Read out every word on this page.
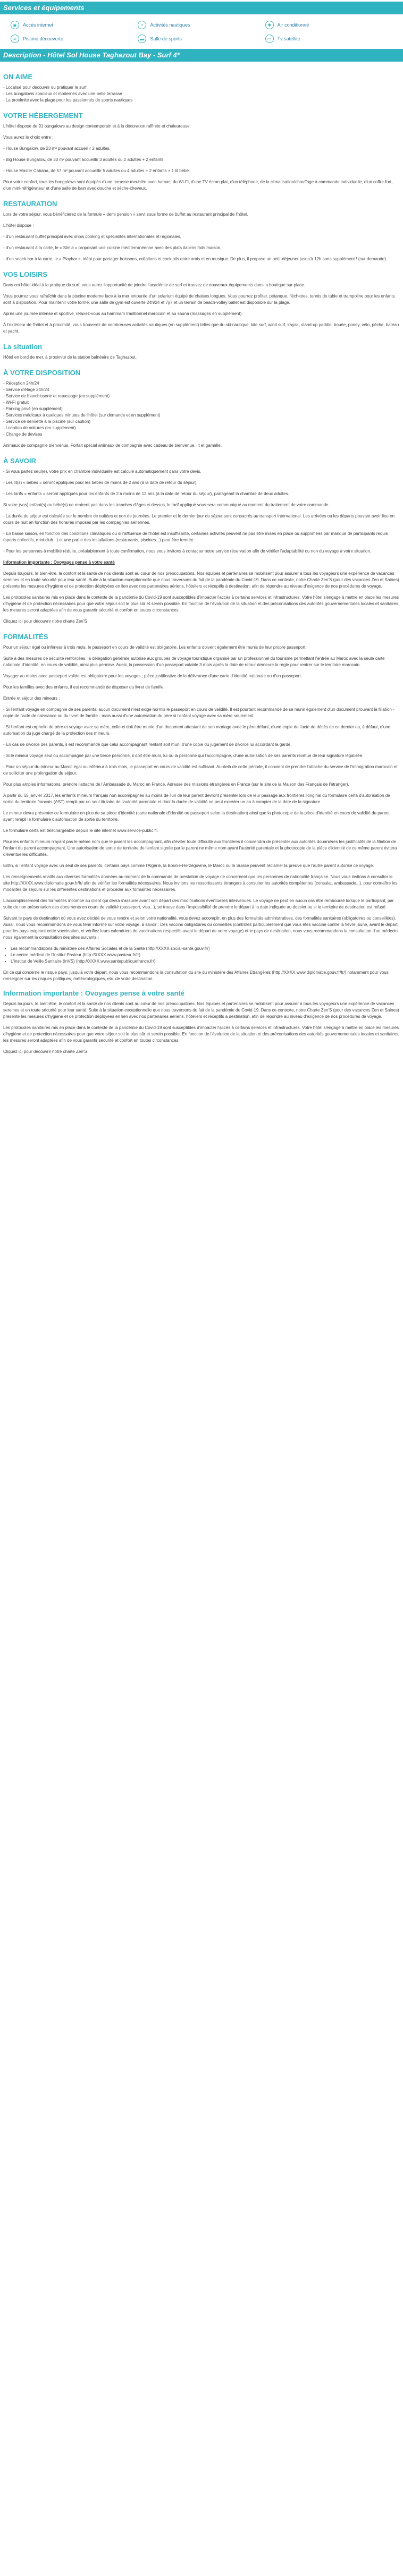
Services et équipements
◉	Accès internet	≈	Activités nautiques	✱	Air conditionné
≋	Piscine découverte	▬	Salle de sports	▭	Tv satellite
Description - Hôtel Sol House Taghazout Bay - Surf 4*
ON AIME

- Localisé pour découvrir ou pratiquer le surf

- Les bungalows spacieux et modernes avec une belle terrasse

- La proximité avec la plage pour les passionnés de sports nautiques

VOTRE HÉBERGEMENT

L'hôtel dispose de 91 bungalows au design contemporain et à la décoration raffinée et chaleureuse.

Vous aurez le choix entre :

- House Bungalow, de 23 m² pouvant accueillir 2 adultes,

- Big House Bungalow, de 30 m² pouvant accueillir 3 adultes ou 2 adultes + 2 enfants.

- House Master Cabana, de 57 m² pouvant accueillir 5 adultes ou 4 adultes + 2 enfants + 1 lit bébé.

Pour votre confort, tous les bungalows sont équipés d'une terrasse meublée avec hamac, du Wi-Fi, d'une TV écran plat, d'un téléphone, de la climatisation/chauffage à commande individuelle, d'un coffre-fort, d'un mini-réfrigérateur et d'une salle de bain avec douche et sèche-cheveux.

RESTAURATION

Lors de votre séjour, vous bénéficierez de la formule « demi pension » servi sous forme de buffet au restaurant principal de l'hôtel.

L'hôtel dispose :

- d'un restaurant buffet principal avec show cooking et spécialités internationales et régionales,

- d'un restaurant à la carte, le « Stella » proposant une cuisine méditerranéenne avec des plats italiens faits maison,

- d'un snack-bar à la carte, le « Playbar », idéal pour partager boissons, collations et cocktails entre amis et en musique. De plus, il propose un petit-déjeuner jusqu'à 12h sans supplément ! (sur demande).

VOS LOISIRS

Dans cet hôtel idéal à la pratique du surf, vous aurez l'opportunité de joindre l'académie de surf et trouvez de nouveaux équipements dans la boutique sur place.

Vous pourrez vous rafraîchir dans la piscine moderne face à la mer entourée d'un solarium équipé de chaises longues. Vous pourrez profiter, pétanque, fléchettes, tennis de table et trampoline pour les enfants sont à disposition. Pour maintenir votre forme, une salle de gym est ouverte 24h/24 et 7j/7 et un terrain de beach-volley ballet est disponible sur la plage.

Après une journée intense et sportive, relaxez-vous au hammam traditionnel marocain et au sauna (massages en supplément).

À l'extérieur de l'hôtel et à proximité, vous trouverez de nombreuses activités nautiques (en supplément) telles que du ski-nautique, kite surf, wind surf, kayak, stand-up paddle, bouée, poney, vélo, pêche, bateau et yacht.

La situation

Hôtel en bord de mer, à proximité de la station balnéaire de Taghazout.

À VOTRE DISPOSITION

- Réception 24h/24

- Service d'étage 24h/24

- Service de blanchisserie et repassage (en supplément)

- Wi-Fi gratuit

- Parking privé (en supplément)

- Services médicaux à quelques minutes de l'hôtel (sur demande et en supplément)

- Service de serviette à la piscine (sur caution)

- Location de voitures (en supplément)

- Change de devises

Animaux de compagnie bienvenus. Forfait spécial animaux de compagnie avec cadeau de bienvenue, lit et gamelle.

À SAVOIR

- Si vous partez seul(e), votre prix en chambre individuelle est calculé automatiquement dans votre devis.

- Les lit(s) « bébés » seront appliqués pour les bébés de moins de 2 ans (à la date de retour du séjour).

- Les tarifs « enfants » seront appliqués pour les enfants de 2 à moins de 12 ans (à la date de retour du séjour), partageant la chambre de deux adultes.

Si votre (vos) enfant(s) ou bébé(s) ne rentrent pas dans les tranches d'âges ci-dessus, le tarif appliqué vous sera communiqué au moment du traitement de votre commande.

- La durée du séjour est calculée sur le nombre de nuitées et non de journées. Le premier et le dernier jour du séjour sont consacrés au transport international. Les arrivées ou les départs pouvant avoir lieu en cours de nuit en fonction des horaires imposés par les compagnies aériennes.

- En basse saison, en fonction des conditions climatiques ou si l'affluence de l'hôtel est insuffisante, certaines activités peuvent ne pas être mises en place ou supprimées par manque de participants requis (sports collectifs, mini-club...) et une partie des installations (restaurants, piscines...) peut être fermée.

- Pour les personnes à mobilité réduite, préalablement à toute confirmation, nous vous invitons à contacter notre service réservation afin de vérifier l'adaptabilité ou non du voyage à votre situation.

Information importante : Ovoyages pense à votre santé

Depuis toujours, le bien-être, le confort et la santé de nos clients sont au cœur de nos préoccupations. Nos équipes et partenaires se mobilisent pour assurer à tous les voyageurs une expérience de vacances sereines et en toute sécurité pour leur santé. Suite à la situation exceptionnelle que nous traversons du fait de la pandémie du Covid-19. Dans ce contexte, notre Charte Zen'S (pour des vacances Zen et Saines) présente les mesures d'hygiène et de protection déployées en lien avec nos partenaires aériens, hôteliers et réceptifs à destination, afin de répondre au niveau d'exigence de nos procédures de voyage.

Les protocoles sanitaires mis en place dans le contexte de la pandémie du Covid-19 sont susceptibles d'impacter l'accès à certains services et infrastructures. Votre hôtel s'engage à mettre en place les mesures d'hygiène et de protection nécessaires pour que votre séjour soit le plus sûr et serein possible. En fonction de l'évolution de la situation et des préconisations des autorités gouvernementales locales et sanitaires, les mesures seront adaptées afin de vous garantir sécurité et confort en toutes circonstances.

Cliquez ici pour découvrir notre charte Zen'S

FORMALITÉS

Pour un séjour égal ou inférieur à trois mois, le passeport en cours de validité est obligatoire. Les enfants doivent également être munis de leur propre passeport.

Suite à des mesures de sécurité renforcées, la délégation générale autorise aux groupes de voyage touristique organisé par un professionnel du tourisme permettant l'entrée au Maroc avec la seule carte nationale d'identité, en cours de validité, ainsi plus permise. Aussi, la possession d'un passeport valable 3 mois après la date de retour demeure la règle pour rentrer sur le territoire marocain.

Voyager au moins avec passeport valide est obligatoire pour les voyages ; pièce justificative de la délivrance d'une carte d'identité nationale ou d'un passeport.

Pour les familles avec des enfants, il est recommandé de disposer du livret de famille.

Entrée et séjour des mineurs :

- Si l'enfant voyage en compagnie de ses parents, aucun document n'est exigé hormis le passeport en cours de validité. Il est pourtant recommandé de se munir également d'un document prouvant la filiation - copie de l'acte de naissance ou du livret de famille - mais aussi d'une autorisation du père si l'enfant voyage avec sa mère seulement.

- Si l'enfant est orphelin de père et voyage avec sa mère, celle-ci doit être munie d'un document attestant de son mariage avec le père défunt, d'une copie de l'acte de décès de ce dernier ou, à défaut, d'une autorisation du juge chargé de la protection des mineurs.

- En cas de divorce des parents, il est recommandé que celui accompagnant l'enfant soit muni d'une copie du jugement de divorce lui accordant la garde.

- Si le mineur voyage seul ou accompagné par une tierce personne, il doit être muni, lui ou la personne qui l'accompagne, d'une autorisation de ses parents revêtue de leur signature légalisée.

- Pour un séjour du mineur au Maroc égal ou inférieur à trois mois, le passeport en cours de validité est suffisant. Au-delà de cette période, il convient de prendre l'attache du service de l'immigration marocain et de solliciter une prolongation du séjour.

Pour plus amples informations, prendre l'attache de l'Ambassade du Maroc en France. Adresse des missions étrangères en France (sur le site de la Maison des Français de l'étranger).

A partir du 15 janvier 2017, les enfants mineurs français non accompagnés au moins de l'un de leur parent devront présenter lors de leur passage aux frontières l'original du formulaire cerfa d'autorisation de sortie du territoire français (AST) rempli par un seul titulaire de l'autorité parentale et dont la durée de validité ne peut excéder un an à compter de la date de la signature.

Le mineur devra présenter ce formulaire en plus de sa pièce d'identité (carte nationale d'identité ou passeport selon la destination) ainsi que la photocopie de la pièce d'identité en cours de validité du parent ayant rempli le formulaire d'autorisation de sortie du territoire.

Le formulaire cerfa est téléchargeable depuis le site internet www.service-public.fr.

Pour les enfants mineurs n'ayant pas le même nom que le parent les accompagnant, afin d'éviter toute difficulté aux frontières il conviendra de présenter aux autorités douanières les justificatifs de la filiation de l'enfant du parent accompagnant. Une autorisation de sortie de territoire de l'enfant signée par le parent ne même nom ayant l'autorité parentale et la photocopie de la pièce d'identité de ce même parent évitera d'éventuelles difficultés.

Enfin, si l'enfant voyage avec un seul de ses parents, certains pays comme l'Algérie, la Bosnie-Herzégovine, le Maroc ou la Suisse peuvent réclamer la preuve que l'autre parent autorise ce voyage.

Les renseignements relatifs aux diverses formalités données au moment de la commande de prestation de voyage ne concernent que les personnes de nationalité française. Nous vous invitons à consulter le site http://XXXX.www.diplomatie.gouv.fr/fr/ afin de vérifier les formalités nécessaires. Nous invitons les ressortissants étrangers à consulter les autorités compétentes (consulat, ambassade...), pour connaître les modalités de séjours sur les différentes destinations et procéder aux formalités nécessaires.

L'accomplissement des formalités incombe au client qui devra s'assurer avant son départ des modifications éventuelles intervenues. Le voyage ne peut en aucun cas être remboursé lorsque le participant, par suite de non présentation des documents en cours de validité (passeport, visa...), se trouve dans l'impossibilité de prendre le départ à la date indiquée au dossier ou si le territoire de destination est refusé.

Suivant le pays de destination où vous avez décidé de vous rendre et selon votre nationalité, vous devez accomplir, en plus des formalités administratives, des formalités sanitaires (obligatoires ou conseillées). Aussi, nous vous recommandons de vous tenir informé sur votre voyage, à savoir : Des vaccins obligatoires ou conseillés (contrôlez particulièrement que vous êtes vacciné contre la fièvre jaune, avant le départ, pour les pays exigeant cette vaccination, et vérifiez leurs calendriers de vaccinations respectifs avant le départ de votre voyage) et le pays de destination, nous vous recommandons la consultation d'un médecin nous également la consultation des sites suivants :

• Les recommandations du ministère des Affaires Sociales et de la Santé (http://XXXX.social-sante.gouv.fr/)
• Le centre médical de l'Institut Pasteur (http://XXXX.www.pasteur.fr/fr)
• L'Institut de Veille Sanitaire (InVS) (http://XXXX.www.santepubliquefrance.fr/)

En ce qui concerne le risque pays, jusqu'à votre départ, nous vous recommandons la consultation du site du ministère des Affaires Etrangères (http://XXXX.www.diplomatie.gouv.fr/fr/) notamment pour vous renseigner sur les risques politiques, météorologiques, etc. de votre destination.

Information importante : Ovoyages pense à votre santé

Depuis toujours, le bien-être, le confort et la santé de nos clients sont au cœur de nos préoccupations. Nos équipes et partenaires se mobilisent pour assurer à tous les voyageurs une expérience de vacances sereines et en toute sécurité pour leur santé. Suite à la situation exceptionnelle que nous traversons du fait de la pandémie du Covid-19. Dans ce contexte, notre Charte Zen'S (pour des vacances Zen et Saines) présente les mesures d'hygiène et de protection déployées en lien avec nos partenaires aériens, hôteliers et réceptifs à destination, afin de répondre au niveau d'exigence de nos procédures de voyage.

Les protocoles sanitaires mis en place dans le contexte de la pandémie du Covid-19 sont susceptibles d'impacter l'accès à certains services et infrastructures. Votre hôtel s'engage à mettre en place les mesures d'hygiène et de protection nécessaires pour que votre séjour soit le plus sûr et serein possible. En fonction de l'évolution de la situation et des préconisations des autorités gouvernementales locales et sanitaires, les mesures seront adaptées afin de vous garantir sécurité et confort en toutes circonstances.

Cliquez ici pour découvrir notre charte Zen'S
